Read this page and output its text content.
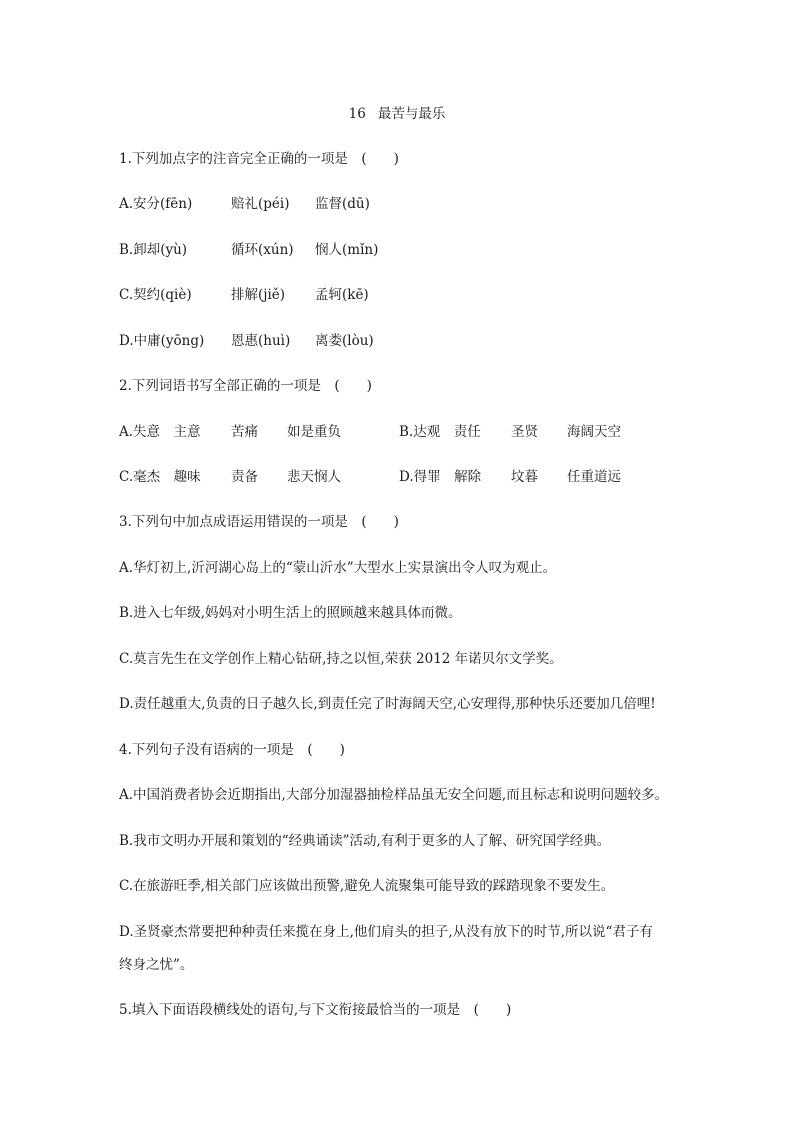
16 最苦与最乐
1.下列加点字的注音完全正确的一项是　(　　)
A.安分(fēn)	赔礼(péi) 监督(dū)
B.卸却(yù)	循环(xún) 悯人(mǐn)
C.契约(qiè)	排解(jiě) 孟轲(kē)
D.中庸(yōng) 恩惠(huì) 离娄(lòu)
2.下列词语书写全部正确的一项是　(　　)
A.失意　主意 苦痛 如是重负	B.达观　责任 圣贤 海阔天空
C.毫杰　趣味 责备 悲天悯人	D.得罪　解除 坟暮 任重道远
3.下列句中加点成语运用错误的一项是　(　　)
A.华灯初上,沂河湖心岛上的“蒙山沂水”大型水上实景演出令人叹为观止。
B.进入七年级,妈妈对小明生活上的照顾越来越具体而微。
C.莫言先生在文学创作上精心钻研,持之以恒,荣获 2012 年诺贝尔文学奖。
D.责任越重大,负责的日子越久长,到责任完了时海阔天空,心安理得,那种快乐还要加几倍哩!
4.下列句子没有语病的一项是　(　　)
A.中国消费者协会近期指出,大部分加湿器抽检样品虽无安全问题,而且标志和说明问题较多。
B.我市文明办开展和策划的“经典诵读”活动,有利于更多的人了解、研究国学经典。
C.在旅游旺季,相关部门应该做出预警,避免人流聚集可能导致的踩踏现象不要发生。
D.圣贤豪杰常要把种种责任来揽在身上,他们肩头的担子,从没有放下的时节,所以说“君子有
终身之忧”。
5.填入下面语段横线处的语句,与下文衔接最恰当的一项是　(　　)
